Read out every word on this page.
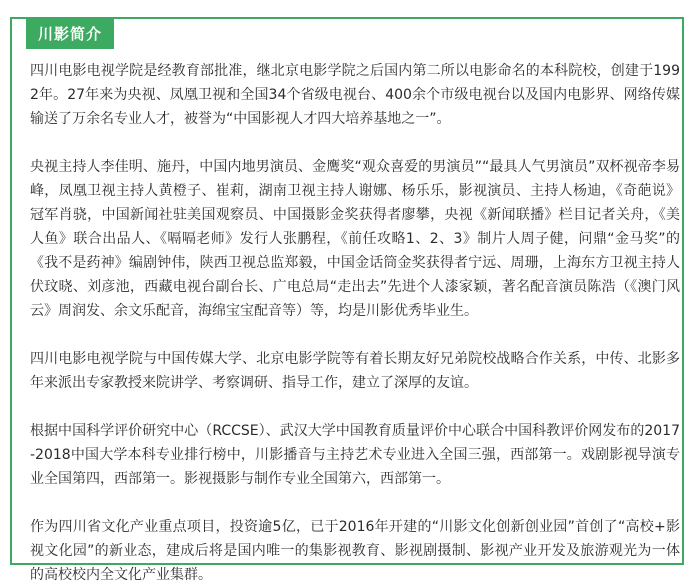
川影简介

四川电影电视学院是经教育部批准，继北京电影学院之后国内第二所以电影命名的本科院校，创建于1992年。27年来为央视、凤凰卫视和全国34个省级电视台、400余个市级电视台以及国内电影界、网络传媒输送了万余名专业人才，被誉为“中国影视人才四大培养基地之一”。

央视主持人李佳明、施丹，中国内地男演员、金鹰奖“观众喜爱的男演员”“最具人气男演员”双杯视帝李易峰，凤凰卫视主持人黄橙子、崔莉，湖南卫视主持人谢娜、杨乐乐，影视演员、主持人杨迪，《奇葩说》冠军肖骁，中国新闻社驻美国观察员、中国摄影金奖获得者廖攀，央视《新闻联播》栏目记者关舟，《美人鱼》联合出品人、《嗝嗝老师》发行人张鹏程，《前任攻略1、2、3》制片人周子健，问鼎“金马奖”的《我不是药神》编剧钟伟，陕西卫视总监郑毅，中国金话筒金奖获得者宁远、周珊，上海东方卫视主持人伏玟晓、刘彦池，西藏电视台副台长、广电总局“走出去”先进个人漆家颖，著名配音演员陈浩（《澳门风云》周润发、余文乐配音，海绵宝宝配音等）等，均是川影优秀毕业生。

四川电影电视学院与中国传媒大学、北京电影学院等有着长期友好兄弟院校战略合作关系，中传、北影多年来派出专家教授来院讲学、考察调研、指导工作，建立了深厚的友谊。

根据中国科学评价研究中心（RCCSE）、武汉大学中国教育质量评价中心联合中国科教评价网发布的2017-2018中国大学本科专业排行榜中，川影播音与主持艺术专业进入全国三强，西部第一。戏剧影视导演专业全国第四，西部第一。影视摄影与制作专业全国第六，西部第一。

作为四川省文化产业重点项目，投资逾5亿，已于2016年开建的“川影文化创新创业园”首创了“高校+影视文化园”的新业态，建成后将是国内唯一的集影视教育、影视剧摄制、影视产业开发及旅游观光为一体的高校校内全文化产业集群。
